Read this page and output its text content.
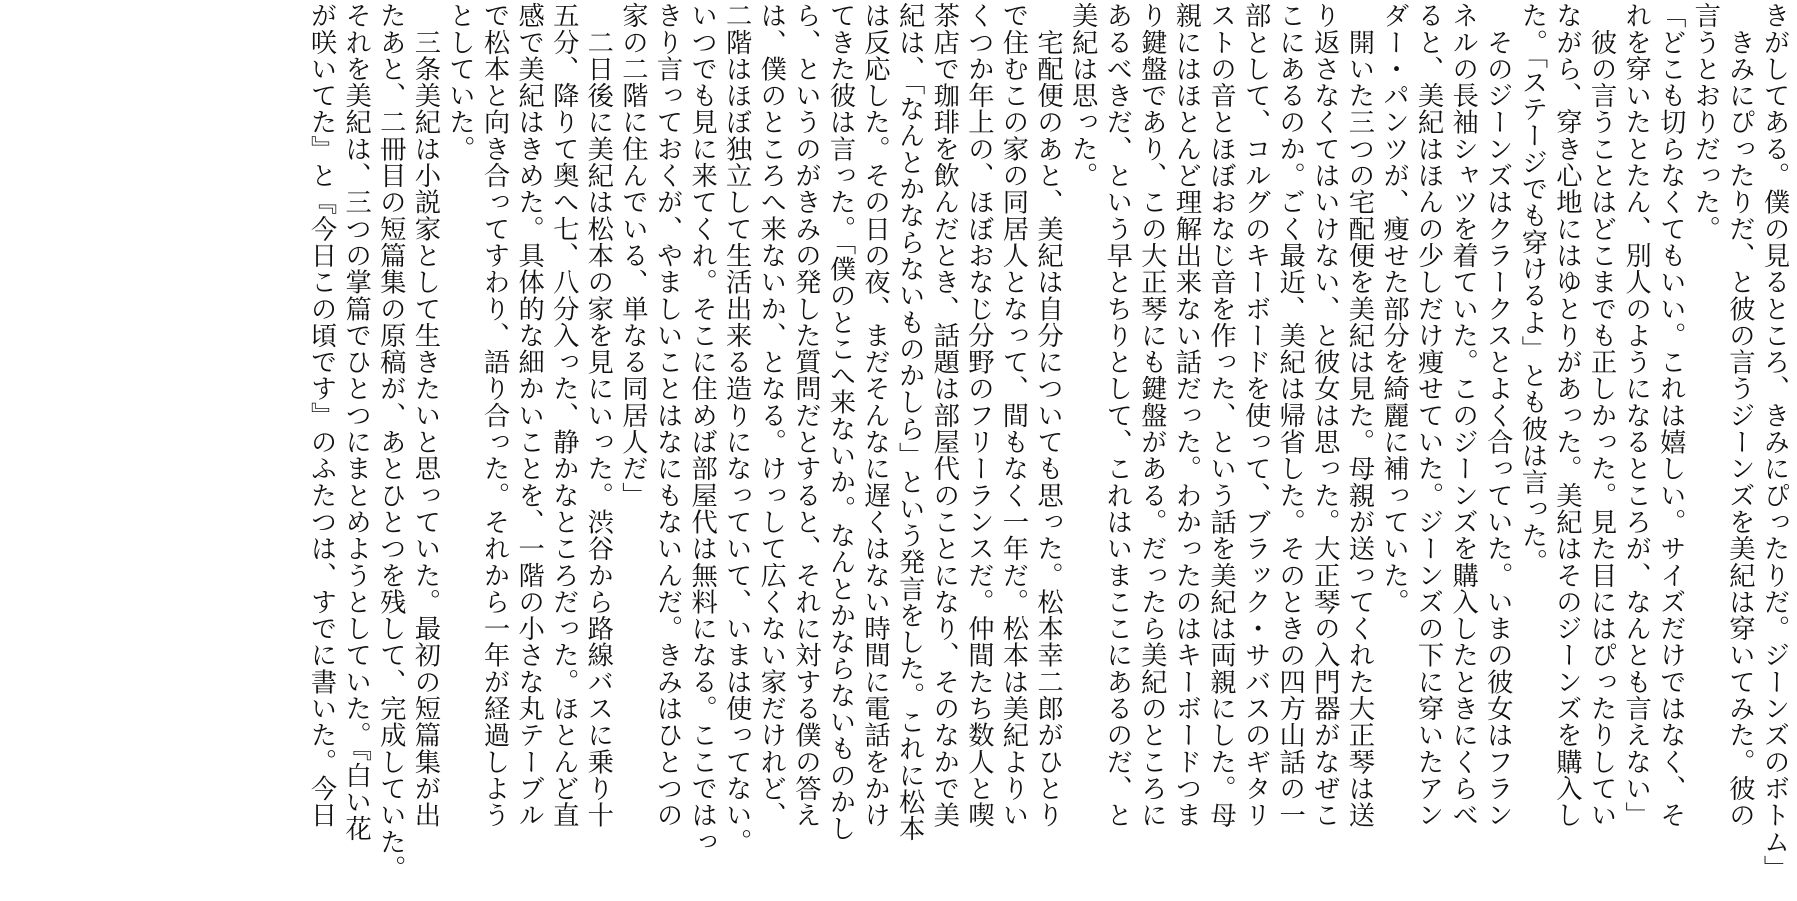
きがしてある。僕の見るところ、きみにぴったりだ。ジーンズのボトム」
　きみにぴったりだ、と彼の言うジーンズを美紀は穿いてみた。彼の
言うとおりだった。
「どこも切らなくてもいい。これは嬉しい。サイズだけではなく、そ
れを穿いたとたん、別人のようになるところが、なんとも言えない」
　彼の言うことはどこまでも正しかった。見た目にはぴったりしてい
ながら、穿き心地にはゆとりがあった。美紀はそのジーンズを購入し
た。「ステージでも穿けるよ」とも彼は言った。
　そのジーンズはクラークスとよく合っていた。いまの彼女はフラン
ネルの長袖シャツを着ていた。このジーンズを購入したときにくらべ
ると、美紀はほんの少しだけ痩せていた。ジーンズの下に穿いたアン
ダー・パンツが、痩せた部分を綺麗に補っていた。
　開いた三つの宅配便を美紀は見た。母親が送ってくれた大正琴は送
り返さなくてはいけない、と彼女は思った。大正琴の入門器がなぜこ
こにあるのか。ごく最近、美紀は帰省した。そのときの四方山話の一
部として、コルグのキーボードを使って、ブラック・サバスのギタリ
ストの音とほぼおなじ音を作った、という話を美紀は両親にした。母
親にはほとんど理解出来ない話だった。わかったのはキーボードつま
り鍵盤であり、この大正琴にも鍵盤がある。だったら美紀のところに
あるべきだ、という早とちりとして、これはいまここにあるのだ、と
美紀は思った。
　宅配便のあと、美紀は自分についても思った。松本幸二郎がひとり
で住むこの家の同居人となって、間もなく一年だ。松本は美紀よりい
くつか年上の、ほぼおなじ分野のフリーランスだ。仲間たち数人と喫
茶店で珈琲を飲んだとき、話題は部屋代のことになり、そのなかで美
紀は、「なんとかならないものかしら」という発言をした。これに松本
は反応した。その日の夜、まだそんなに遅くはない時間に電話をかけ
てきた彼は言った。「僕のとこへ来ないか。なんとかならないものかし
ら、というのがきみの発した質問だとすると、それに対する僕の答え
は、僕のところへ来ないか、となる。けっして広くない家だけれど、
二階はほぼ独立して生活出来る造りになっていて、いまは使ってない。
いつでも見に来てくれ。そこに住めば部屋代は無料になる。ここではっ
きり言っておくが、やましいことはなにもないんだ。きみはひとつの
家の二階に住んでいる、単なる同居人だ」
　二日後に美紀は松本の家を見にいった。渋谷から路線バスに乗り十
五分、降りて奥へ七、八分入った、静かなところだった。ほとんど直
感で美紀はきめた。具体的な細かいことを、一階の小さな丸テーブル
で松本と向き合ってすわり、語り合った。それから一年が経過しよう
としていた。
　三条美紀は小説家として生きたいと思っていた。最初の短篇集が出
たあと、二冊目の短篇集の原稿が、あとひとつを残して、完成していた。
それを美紀は、三つの掌篇でひとつにまとめようとしていた。『白い花
が咲いてた』と『今日この頃です』のふたつは、すでに書いた。今日
